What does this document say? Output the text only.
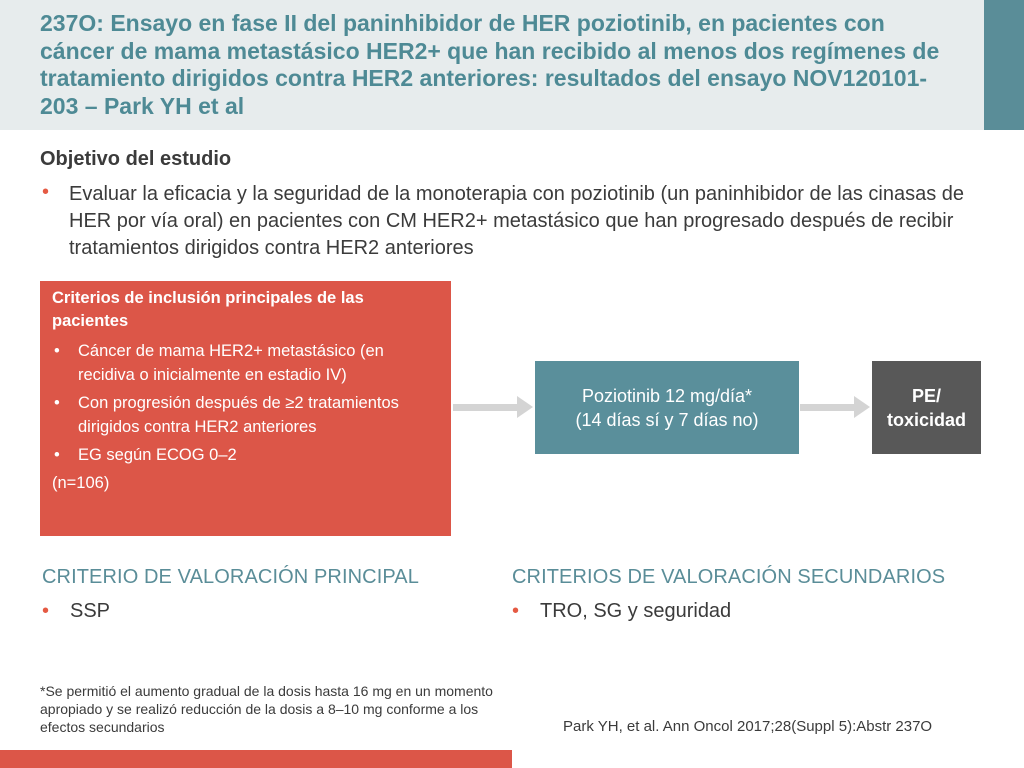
237O: Ensayo en fase II del paninhibidor de HER poziotinib, en pacientes con cáncer de mama metastásico HER2+ que han recibido al menos dos regímenes de tratamiento dirigidos contra HER2 anteriores: resultados del ensayo NOV120101-203 – Park YH et al
Objetivo del estudio
• Evaluar la eficacia y la seguridad de la monoterapia con poziotinib (un paninhibidor de las cinasas de HER por vía oral) en pacientes con CM HER2+ metastásico que han progresado después de recibir tratamientos dirigidos contra HER2 anteriores
Criterios de inclusión principales de las pacientes
• Cáncer de mama HER2+ metastásico (en recidiva o inicialmente en estadio IV)
• Con progresión después de ≥2 tratamientos dirigidos contra HER2 anteriores
• EG según ECOG 0–2
(n=106)
Poziotinib 12 mg/día*
(14 días sí y 7 días no)
PE/
toxicidad
CRITERIO DE VALORACIÓN PRINCIPAL
• SSP
CRITERIOS DE VALORACIÓN SECUNDARIOS
• TRO, SG y seguridad
*Se permitió el aumento gradual de la dosis hasta 16 mg en un momento apropiado y se realizó reducción de la dosis a 8–10 mg conforme a los efectos secundarios	Park YH, et al. Ann Oncol 2017;28(Suppl 5):Abstr 237O
